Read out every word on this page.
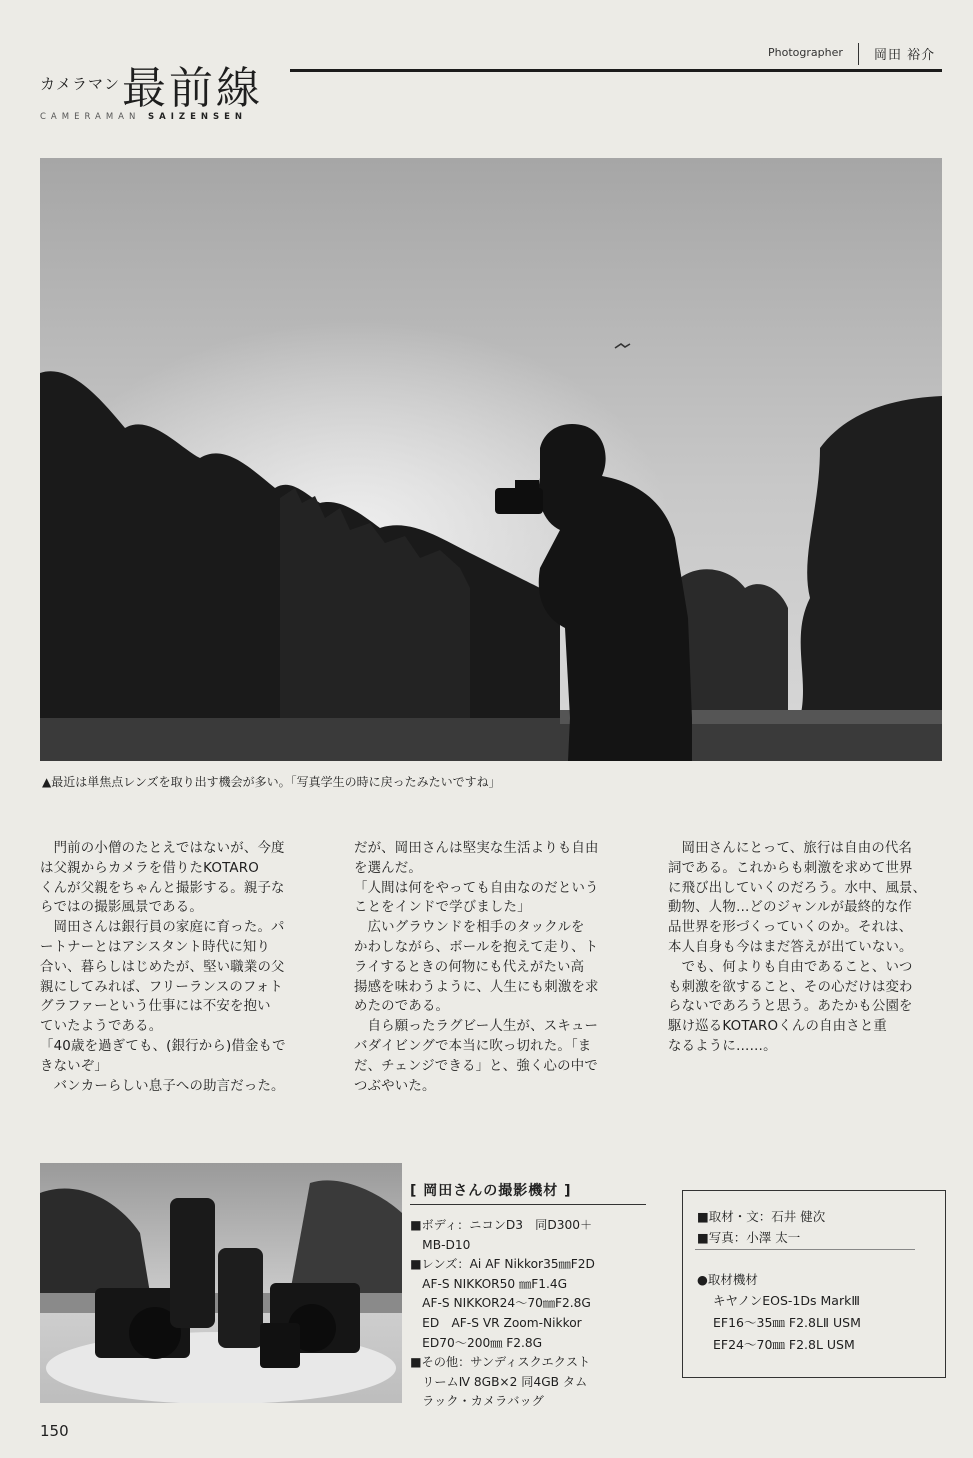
カメラマン 最前線
CAMERAMAN SAIZENSEN
Photographer 岡田 裕介
▲最近は単焦点レンズを取り出す機会が多い。「写真学生の時に戻ったみたいですね」
　門前の小僧のたとえではないが、今度
は父親からカメラを借りたKOTARO
くんが父親をちゃんと撮影する。親子な
らではの撮影風景である。
　岡田さんは銀行員の家庭に育った。パ
ートナーとはアシスタント時代に知り
合い、暮らしはじめたが、堅い職業の父
親にしてみれば、フリーランスのフォト
グラファーという仕事には不安を抱い
ていたようである。
「40歳を過ぎても、(銀行から)借金もで
きないぞ」
　バンカーらしい息子への助言だった。
だが、岡田さんは堅実な生活よりも自由
を選んだ。
「人間は何をやっても自由なのだという
ことをインドで学びました」
　広いグラウンドを相手のタックルを
かわしながら、ボールを抱えて走り、ト
ライするときの何物にも代えがたい高
揚感を味わうように、人生にも刺激を求
めたのである。
　自ら願ったラグビー人生が、スキュー
バダイビングで本当に吹っ切れた。「ま
だ、チェンジできる」と、強く心の中で
つぶやいた。
　岡田さんにとって、旅行は自由の代名
詞である。これからも刺激を求めて世界
に飛び出していくのだろう。水中、風景、
動物、人物…どのジャンルが最終的な作
品世界を形づくっていくのか。それは、
本人自身も今はまだ答えが出ていない。
　でも、何よりも自由であること、いつ
も刺激を欲すること、その心だけは変わ
らないであろうと思う。あたかも公園を
駆け巡るKOTAROくんの自由さと重
なるように……。
[ 岡田さんの撮影機材 ]
■ボディ：ニコンD3　同D300＋
　MB-D10
■レンズ：Ai AF Nikkor35㎜F2D
　AF-S NIKKOR50 ㎜F1.4G
　AF-S NIKKOR24～70㎜F2.8G
　ED　AF-S VR Zoom-Nikkor
　ED70～200㎜ F2.8G
■その他：サンディスクエクスト
　リームⅣ 8GB×2 同4GB タム
　ラック・カメラバッグ
■取材・文：石井 健次
■写真：小澤 太一
●取材機材
キヤノンEOS-1Ds MarkⅢ
EF16～35㎜ F2.8LⅡ USM
EF24～70㎜ F2.8L USM
150
